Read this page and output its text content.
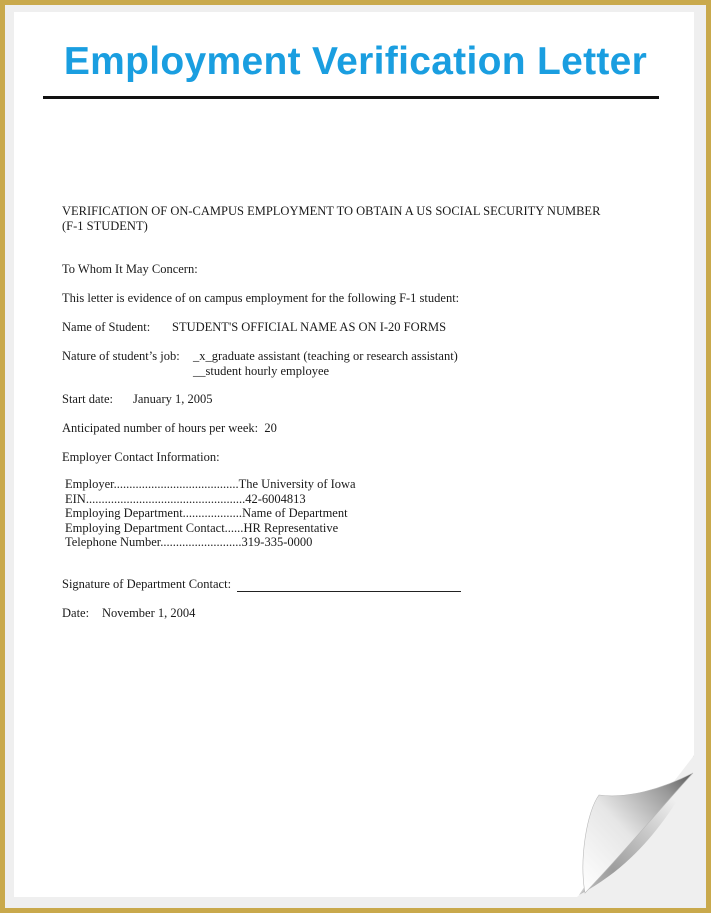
Employment Verification Letter

VERIFICATION OF ON-CAMPUS EMPLOYMENT TO OBTAIN A US SOCIAL SECURITY NUMBER

(F-1 STUDENT)

To Whom It May Concern:

This letter is evidence of on campus employment for the following F-1 student:

Name of Student: STUDENT'S OFFICIAL NAME AS ON I-20 FORMS

Nature of student’s job: _x_graduate assistant (teaching or research assistant)
__student hourly employee

Start date: January 1, 2005

Anticipated number of hours per week: 20

Employer Contact Information:

Employer........................................The University of Iowa
EIN...................................................42-6004813
Employing Department...................Name of Department
Employing Department Contact......HR Representative
Telephone Number..........................319-335-0000

Signature of Department Contact:

Date: November 1, 2004
